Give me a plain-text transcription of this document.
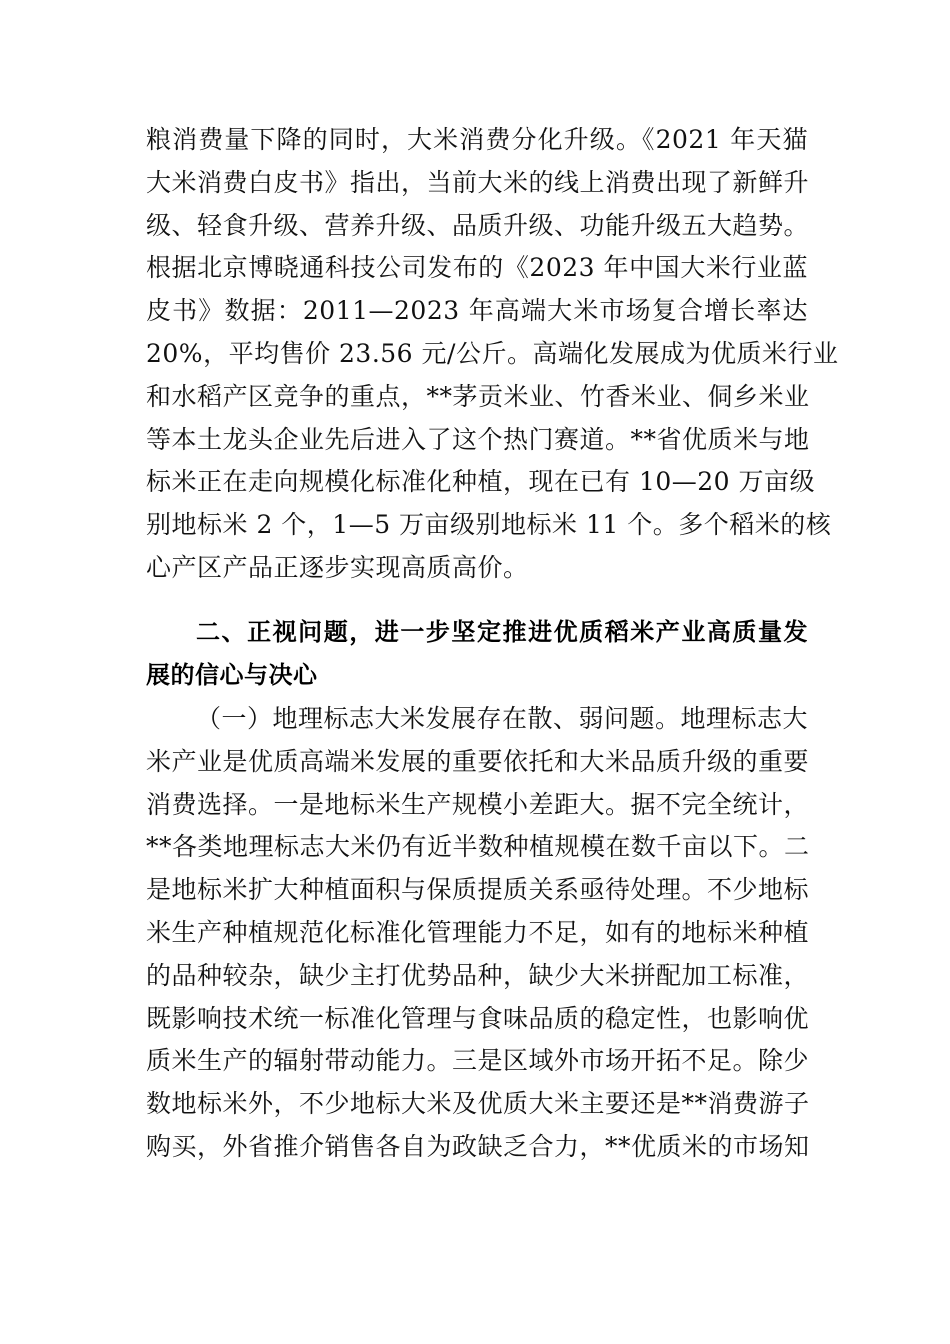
粮消费量下降的同时，大米消费分化升级。《2021 年天猫
大米消费白皮书》指出，当前大米的线上消费出现了新鲜升
级、轻食升级、营养升级、品质升级、功能升级五大趋势。
根据北京博晓通科技公司发布的《2023 年中国大米行业蓝
皮书》数据：2011—2023 年高端大米市场复合增长率达
20%，平均售价 23.56 元/公斤。高端化发展成为优质米行业
和水稻产区竞争的重点，**茅贡米业、竹香米业、侗乡米业
等本土龙头企业先后进入了这个热门赛道。**省优质米与地
标米正在走向规模化标准化种植，现在已有 10—20 万亩级
别地标米 2 个，1—5 万亩级别地标米 11 个。多个稻米的核
心产区产品正逐步实现高质高价。
二、正视问题，进一步坚定推进优质稻米产业高质量发
展的信心与决心
（一）地理标志大米发展存在散、弱问题。地理标志大
米产业是优质高端米发展的重要依托和大米品质升级的重要
消费选择。一是地标米生产规模小差距大。据不完全统计，
**各类地理标志大米仍有近半数种植规模在数千亩以下。二
是地标米扩大种植面积与保质提质关系亟待处理。不少地标
米生产种植规范化标准化管理能力不足，如有的地标米种植
的品种较杂，缺少主打优势品种，缺少大米拼配加工标准，
既影响技术统一标准化管理与食味品质的稳定性，也影响优
质米生产的辐射带动能力。三是区域外市场开拓不足。除少
数地标米外，不少地标大米及优质大米主要还是**消费游子
购买，外省推介销售各自为政缺乏合力，**优质米的市场知
